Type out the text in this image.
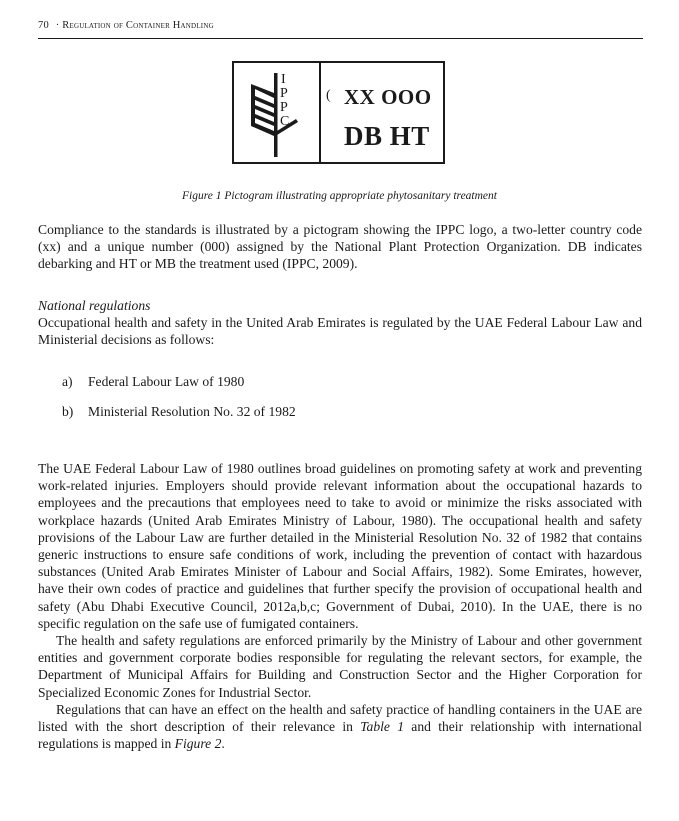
70 · Regulation of Container Handling
I
P
P
C
( XX OOO
DB HT
Figure 1 Pictogram illustrating appropriate phytosanitary treatment

Compliance to the standards is illustrated by a pictogram showing the IPPC logo, a two-letter country code (xx) and a unique number (000) assigned by the National Plant Protection Organization. DB indicates debarking and HT or MB the treatment used (IPPC, 2009).

National regulations

Occupational health and safety in the United Arab Emirates is regulated by the UAE Federal Labour Law and Ministerial decisions as follows:

a)	Federal Labour Law of 1980
b)	Ministerial Resolution No. 32 of 1982

The UAE Federal Labour Law of 1980 outlines broad guidelines on promoting safety at work and preventing work-related injuries. Employers should provide relevant information about the occupational hazards to employees and the precautions that employees need to take to avoid or minimize the risks associated with workplace hazards (United Arab Emirates Ministry of Labour, 1980). The occupational health and safety provisions of the Labour Law are further detailed in the Ministerial Resolution No. 32 of 1982 that contains generic instructions to ensure safe conditions of work, including the prevention of contact with hazardous substances (United Arab Emirates Minister of Labour and Social Affairs, 1982). Some Emirates, however, have their own codes of practice and guidelines that further specify the provision of occupational health and safety (Abu Dhabi Executive Council, 2012a,b,c; Government of Dubai, 2010). In the UAE, there is no specific regulation on the safe use of fumigated containers.

The health and safety regulations are enforced primarily by the Ministry of Labour and other government entities and government corporate bodies responsible for regulating the relevant sectors, for example, the Department of Municipal Affairs for Building and Construction Sector and the Higher Corporation for Specialized Economic Zones for Industrial Sector.

Regulations that can have an effect on the health and safety practice of handling containers in the UAE are listed with the short description of their relevance in Table 1 and their relationship with international regulations is mapped in Figure 2.
